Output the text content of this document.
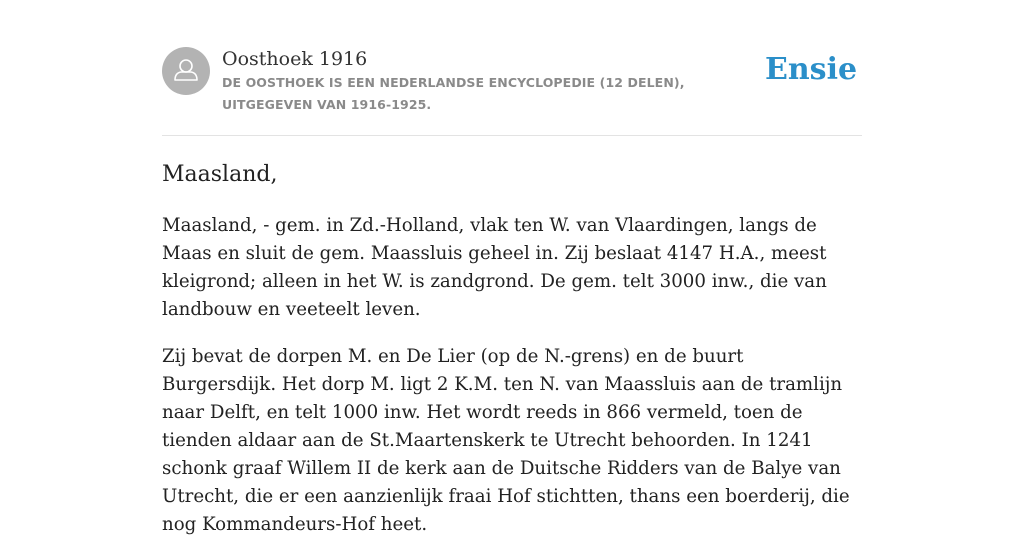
Oosthoek 1916
DE OOSTHOEK IS EEN NEDERLANDSE ENCYCLOPEDIE (12 DELEN), UITGEGEVEN VAN 1916-1925.
Ensie
Maasland,

Maasland, - gem. in Zd.-Holland, vlak ten W. van Vlaardingen, langs de Maas en sluit de gem. Maassluis geheel in. Zij beslaat 4147 H.A., meest kleigrond; alleen in het W. is zandgrond. De gem. telt 3000 inw., die van landbouw en veeteelt leven.

Zij bevat de dorpen M. en De Lier (op de N.-grens) en de buurt Burgersdijk. Het dorp M. ligt 2 K.M. ten N. van Maassluis aan de tramlijn naar Delft, en telt 1000 inw. Het wordt reeds in 866 vermeld, toen de tienden aldaar aan de St.Maartenskerk te Utrecht behoorden. In 1241 schonk graaf Willem II de kerk aan de Duitsche Ridders van de Balye van Utrecht, die er een aanzienlijk fraai Hof stichtten, thans een boerderij, die nog Kommandeurs-Hof heet.
